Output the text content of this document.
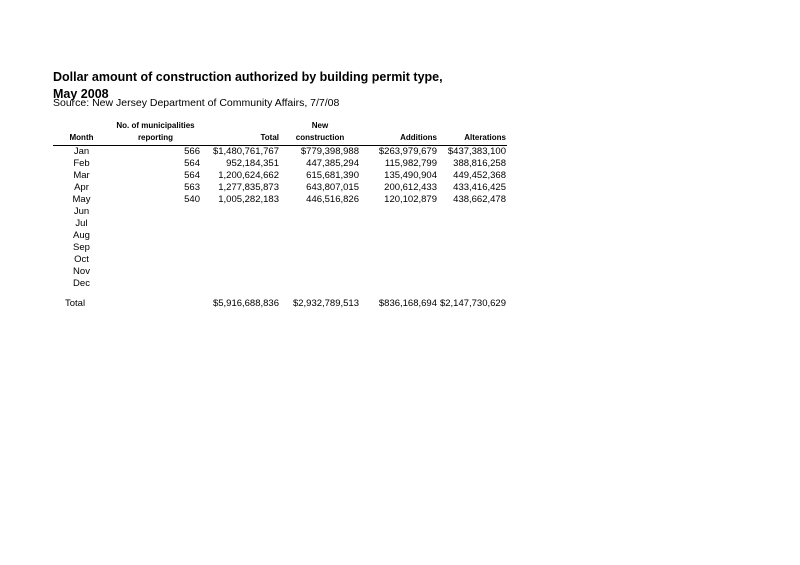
Dollar amount of construction authorized by building permit type,
May 2008
Source: New Jersey Department of Community Affairs, 7/7/08
	No. of municipalities		New		
Month	reporting	Total	construction	Additions	Alterations
Jan	566	$1,480,761,767	$779,398,988	$263,979,679	$437,383,100
Feb	564	952,184,351	447,385,294	115,982,799	388,816,258
Mar	564	1,200,624,662	615,681,390	135,490,904	449,452,368
Apr	563	1,277,835,873	643,807,015	200,612,433	433,416,425
May	540	1,005,282,183	446,516,826	120,102,879	438,662,478
Jun					
Jul					
Aug					
Sep					
Oct					
Nov					
Dec					

Total		$5,916,688,836	$2,932,789,513	$836,168,694	$2,147,730,629
